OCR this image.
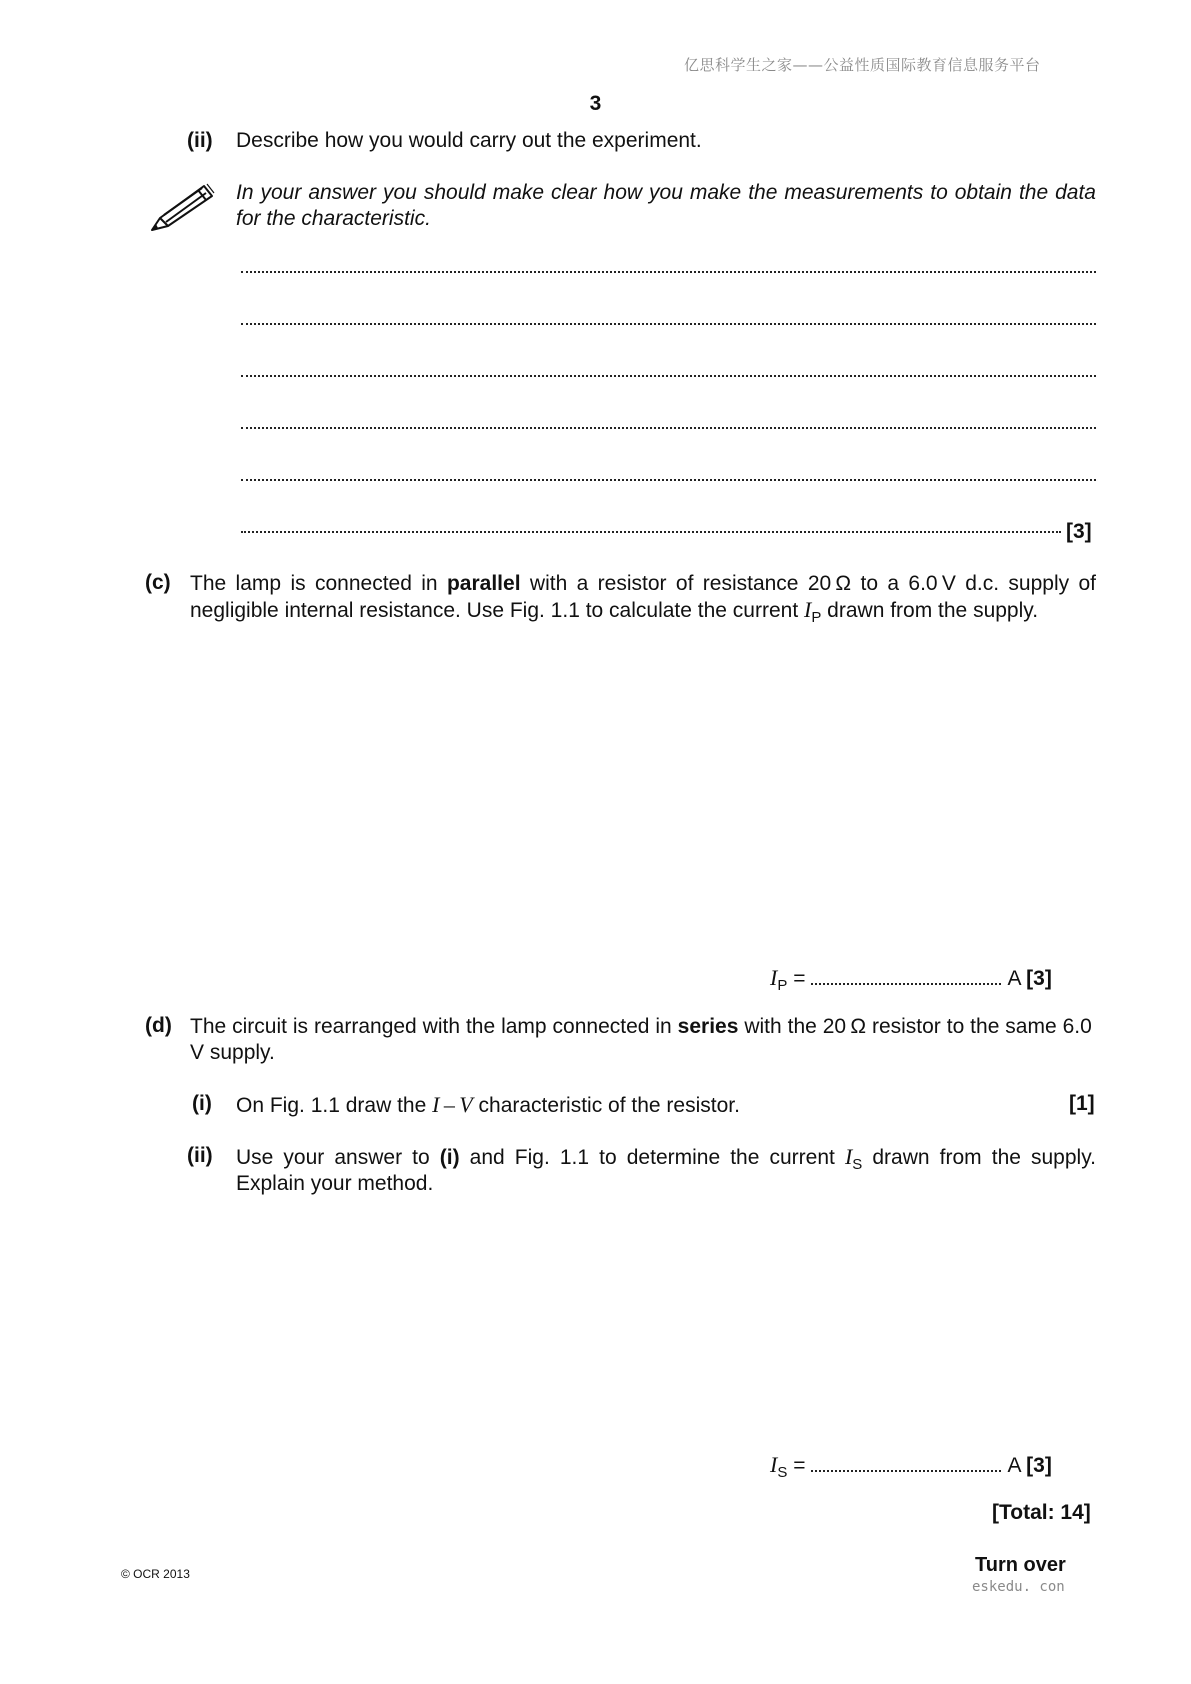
亿思科学生之家——公益性质国际教育信息服务平台
3
(ii) Describe how you would carry out the experiment.
In your answer you should make clear how you make the measurements to obtain the data for the characteristic.
[3]
(c) The lamp is connected in parallel with a resistor of resistance 20 Ω to a 6.0 V d.c. supply of negligible internal resistance. Use Fig. 1.1 to calculate the current $I_P$ drawn from the supply.
$I_P$ =	A [3]
(d) The circuit is rearranged with the lamp connected in series with the 20 Ω resistor to the same 6.0 V supply.
(i) On Fig. 1.1 draw the I – V characteristic of the resistor.	[1]
(ii) Use your answer to (i) and Fig. 1.1 to determine the current $I_S$ drawn from the supply. Explain your method.
$I_S$ =	A [3]
[Total: 14]
© OCR 2013	Turn over
eskedu. con
